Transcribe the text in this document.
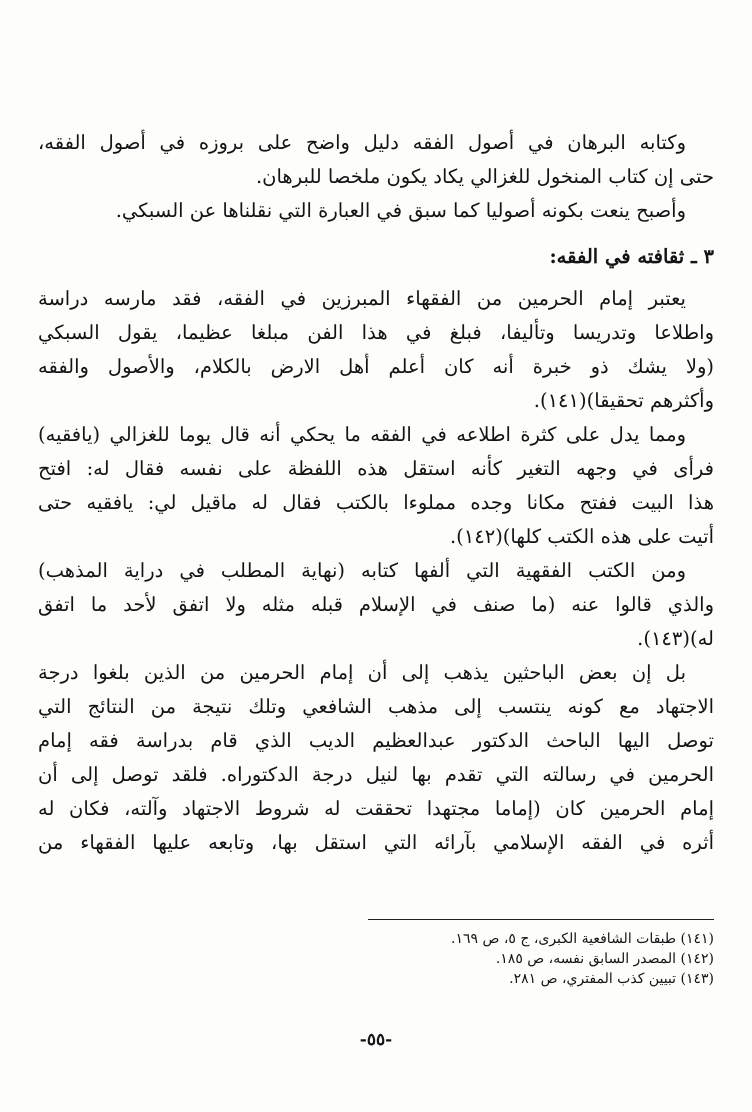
وكتابه البرهان في أصول الفقه دليل واضح على بروزه في أصول الفقه،
حتى إن كتاب المنخول للغزالي يكاد يكون ملخصا للبرهان.
وأصبح ينعت بكونه أصوليا كما سبق في العبارة التي نقلناها عن السبكي.
٣ ـ ثقافته في الفقه:
يعتبر إمام الحرمين من الفقهاء المبرزين في الفقه، فقد مارسه دراسة
واطلاعا وتدريسا وتأليفا، فبلغ في هذا الفن مبلغا عظيما، يقول السبكي
(ولا يشك ذو خبرة أنه كان أعلم أهل الارض بالكلام، والأصول والفقه
وأكثرهم تحقيقا)(١٤١).
ومما يدل على كثرة اطلاعه في الفقه ما يحكي أنه قال يوما للغزالي (يافقيه)
فرأى في وجهه التغير كأنه استقل هذه اللفظة على نفسه فقال له: افتح
هذا البيت ففتح مكانا وجده مملوءا بالكتب فقال له ماقيل لي: يافقيه حتى
أتيت على هذه الكتب كلها)(١٤٢).
ومن الكتب الفقهية التي ألفها كتابه (نهاية المطلب في دراية المذهب)
والذي قالوا عنه (ما صنف في الإسلام قبله مثله ولا اتفق لأحد ما اتفق
له)(١٤٣).
بل إن بعض الباحثين يذهب إلى أن إمام الحرمين من الذين بلغوا درجة
الاجتهاد مع كونه ينتسب إلى مذهب الشافعي وتلك نتيجة من النتائج التي
توصل اليها الباحث الدكتور عبدالعظيم الديب الذي قام بدراسة فقه إمام
الحرمين في رسالته التي تقدم بها لنيل درجة الدكتوراه. فلقد توصل إلى أن
إمام الحرمين كان (إماما مجتهدا تحققت له شروط الاجتهاد وآلته، فكان له
أثره في الفقه الإسلامي بآرائه التي استقل بها، وتابعه عليها الفقهاء من
(١٤١) طبقات الشافعية الكبرى، ج ٥، ص ١٦٩.
(١٤٢) المصدر السابق نفسه، ص ١٨٥.
(١٤٣) تبيين كذب المفتري، ص ٢٨١.
-٥٥-
